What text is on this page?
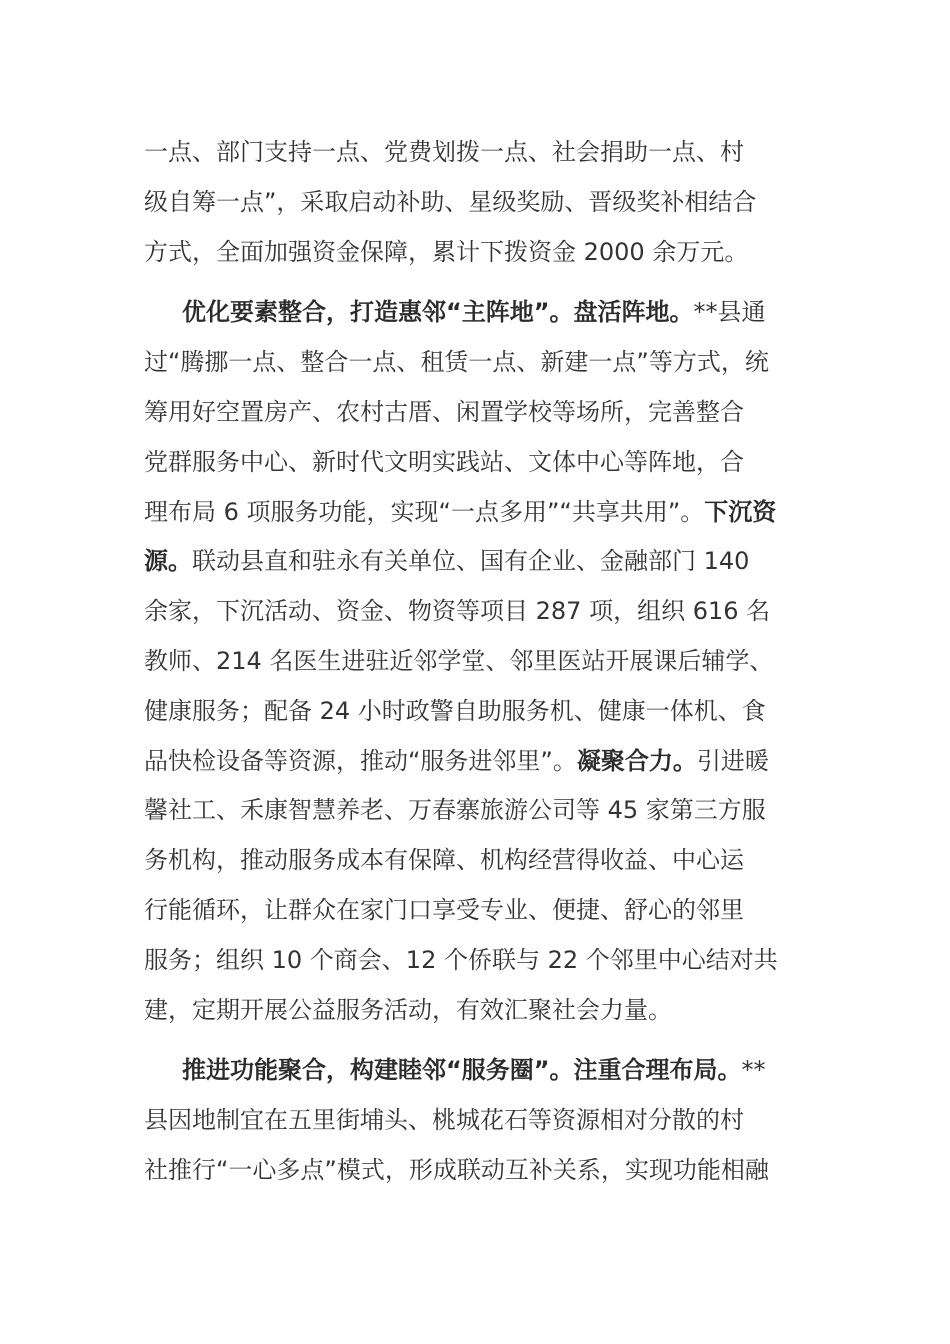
一点、部门支持一点、党费划拨一点、社会捐助一点、村
级自筹一点”，采取启动补助、星级奖励、晋级奖补相结合
方式，全面加强资金保障，累计下拨资金 2000 余万元。
优化要素整合，打造惠邻“主阵地”。盘活阵地。**县通
过“腾挪一点、整合一点、租赁一点、新建一点”等方式，统
筹用好空置房产、农村古厝、闲置学校等场所，完善整合
党群服务中心、新时代文明实践站、文体中心等阵地，合
理布局 6 项服务功能，实现“一点多用”“共享共用”。下沉资
源。联动县直和驻永有关单位、国有企业、金融部门 140
余家，下沉活动、资金、物资等项目 287 项，组织 616 名
教师、214 名医生进驻近邻学堂、邻里医站开展课后辅学、
健康服务；配备 24 小时政警自助服务机、健康一体机、食
品快检设备等资源，推动“服务进邻里”。凝聚合力。引进暖
馨社工、禾康智慧养老、万春寨旅游公司等 45 家第三方服
务机构，推动服务成本有保障、机构经营得收益、中心运
行能循环，让群众在家门口享受专业、便捷、舒心的邻里
服务；组织 10 个商会、12 个侨联与 22 个邻里中心结对共
建，定期开展公益服务活动，有效汇聚社会力量。
推进功能聚合，构建睦邻“服务圈”。注重合理布局。**
县因地制宜在五里街埔头、桃城花石等资源相对分散的村
社推行“一心多点”模式，形成联动互补关系，实现功能相融
